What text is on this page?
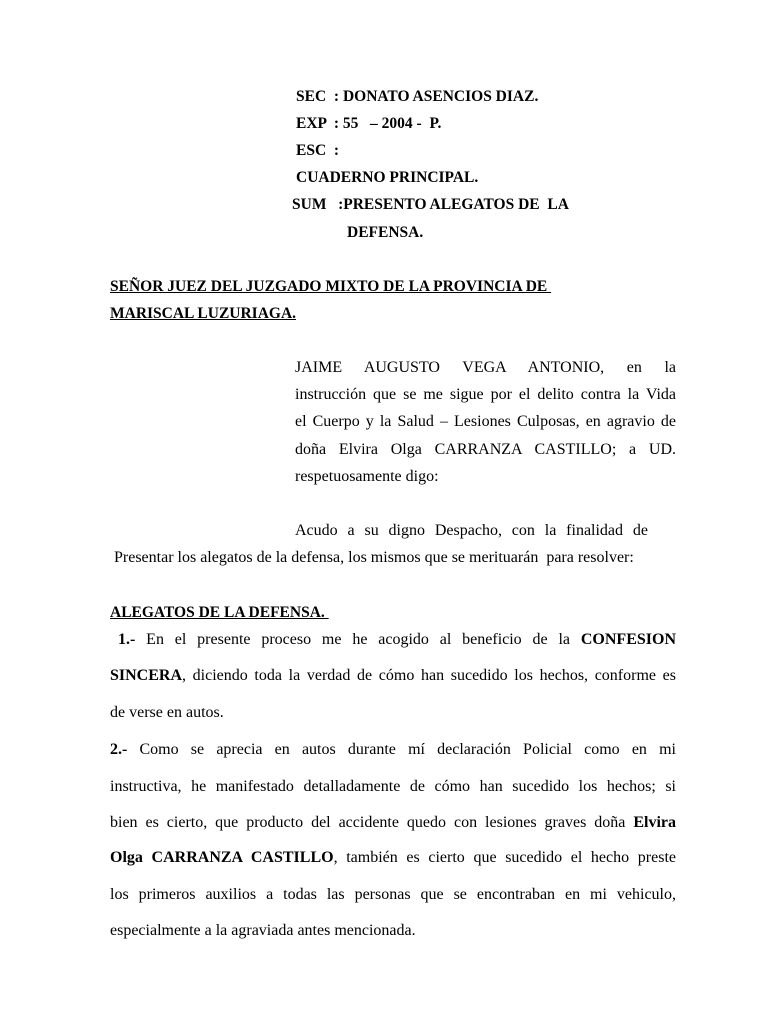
SEC  : DONATO ASENCIOS DIAZ.
EXP  : 55   – 2004 -  P.
ESC  :
CUADERNO PRINCIPAL.
SUM   :PRESENTO ALEGATOS DE  LA
DEFENSA.
SEÑOR JUEZ DEL JUZGADO MIXTO DE LA PROVINCIA DE
MARISCAL LUZURIAGA.
JAIME AUGUSTO VEGA ANTONIO, en la
instrucción que se me sigue por el delito contra la Vida
el Cuerpo y la Salud – Lesiones Culposas, en agravio de
doña Elvira Olga CARRANZA CASTILLO; a UD.
respetuosamente digo:
Acudo a su digno Despacho, con la finalidad de
Presentar los alegatos de la defensa, los mismos que se merituarán  para resolver:
ALEGATOS DE LA DEFENSA.
1.- En el presente proceso me he acogido al beneficio de la CONFESION
SINCERA, diciendo toda la verdad de cómo han sucedido los hechos, conforme es
de verse en autos.
2.- Como se aprecia en autos durante mí declaración Policial como en mi
instructiva, he manifestado detalladamente de cómo han sucedido los hechos; si
bien es cierto, que producto del accidente quedo con lesiones graves doña Elvira
Olga CARRANZA CASTILLO, también es cierto que sucedido el hecho preste
los primeros auxilios a todas las personas que se encontraban en mi vehiculo,
especialmente a la agraviada antes mencionada.
